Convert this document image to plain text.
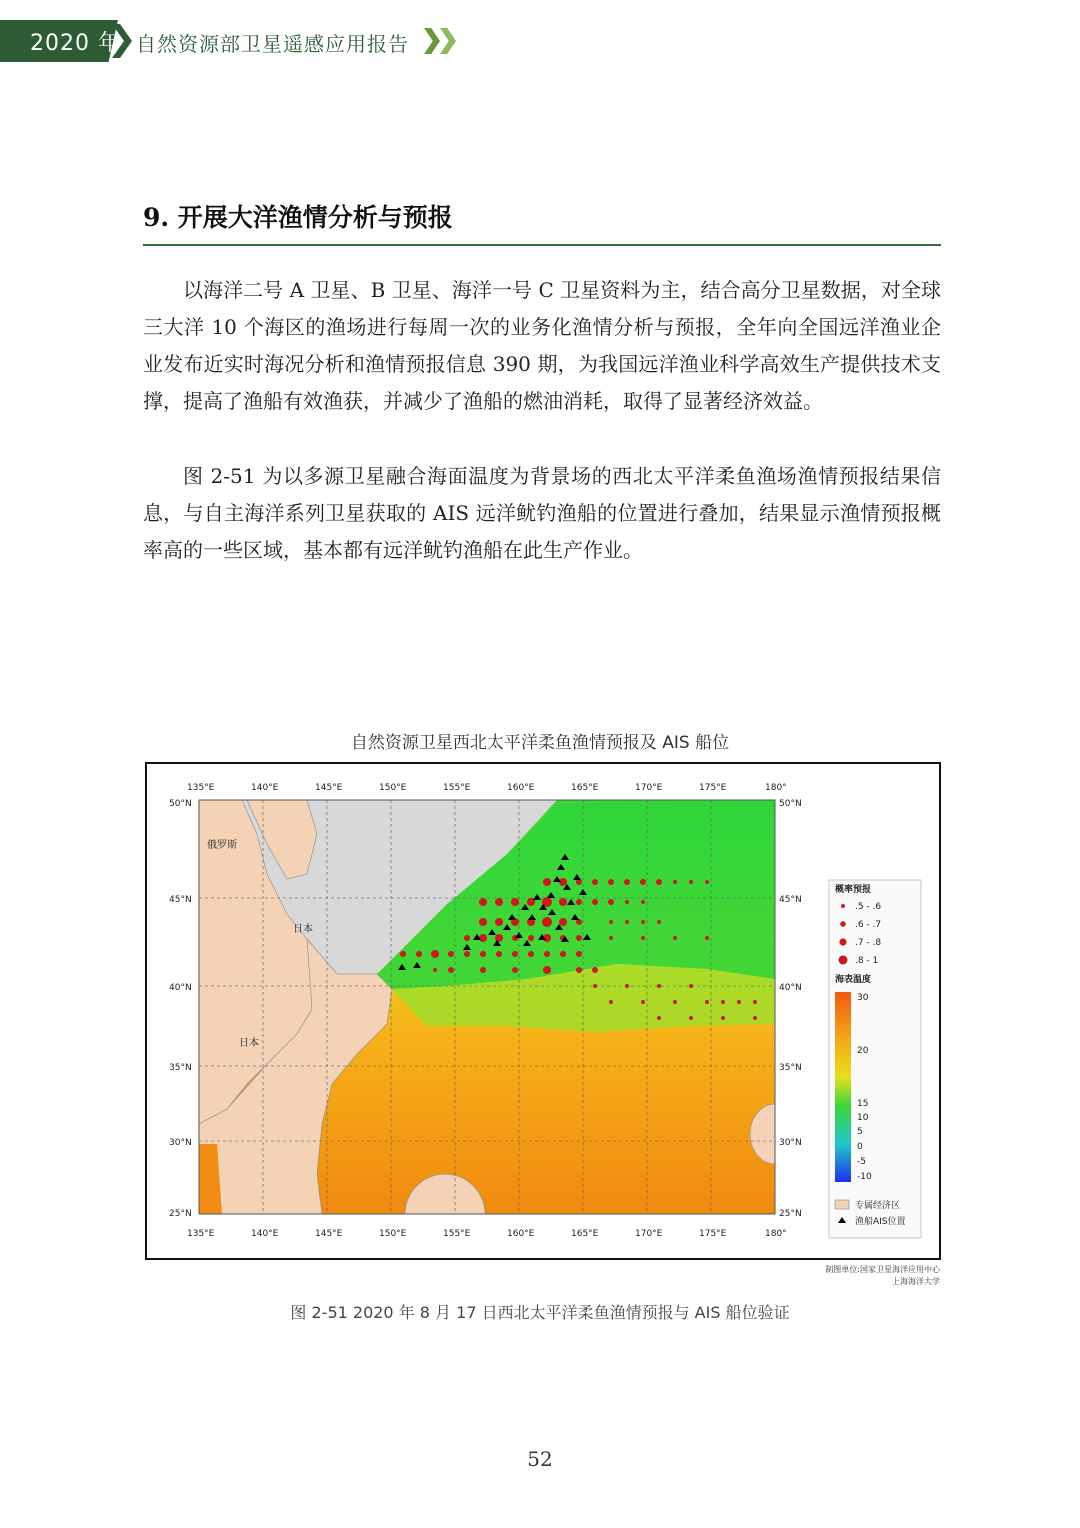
2020 年 自然资源部卫星遥感应用报告
9. 开展大洋渔情分析与预报

以海洋二号 A 卫星、B 卫星、海洋一号 C 卫星资料为主，结合高分卫星数据，对全球三大洋 10 个海区的渔场进行每周一次的业务化渔情分析与预报，全年向全国远洋渔业企业发布近实时海况分析和渔情预报信息 390 期，为我国远洋渔业科学高效生产提供技术支撑，提高了渔船有效渔获，并减少了渔船的燃油消耗，取得了显著经济效益。

图 2-51 为以多源卫星融合海面温度为背景场的西北太平洋柔鱼渔场渔情预报结果信息，与自主海洋系列卫星获取的 AIS 远洋鱿钓渔船的位置进行叠加，结果显示渔情预报概率高的一些区域，基本都有远洋鱿钓渔船在此生产作业。

自然资源卫星西北太平洋柔鱼渔情预报及 AIS 船位
135°E	140°E	145°E	150°E	155°E	160°E	165°E	170°E	175°E	180°
135°E	140°E	145°E	150°E	155°E	160°E	165°E	170°E	175°E	180°
50°N
45°N
40°N
35°N
30°N
25°N
50°N
45°N
40°N
35°N
30°N
25°N
俄罗斯
日本
日本
概率预报
.5 - .6
.6 - .7
.7 - .8
.8 - 1
海表温度
30
20
15
10
5
0
-5
-10
专属经济区
渔船AIS位置
制图单位:国家卫星海洋应用中心
上海海洋大学
图 2-51 2020 年 8 月 17 日西北太平洋柔鱼渔情预报与 AIS 船位验证
52
